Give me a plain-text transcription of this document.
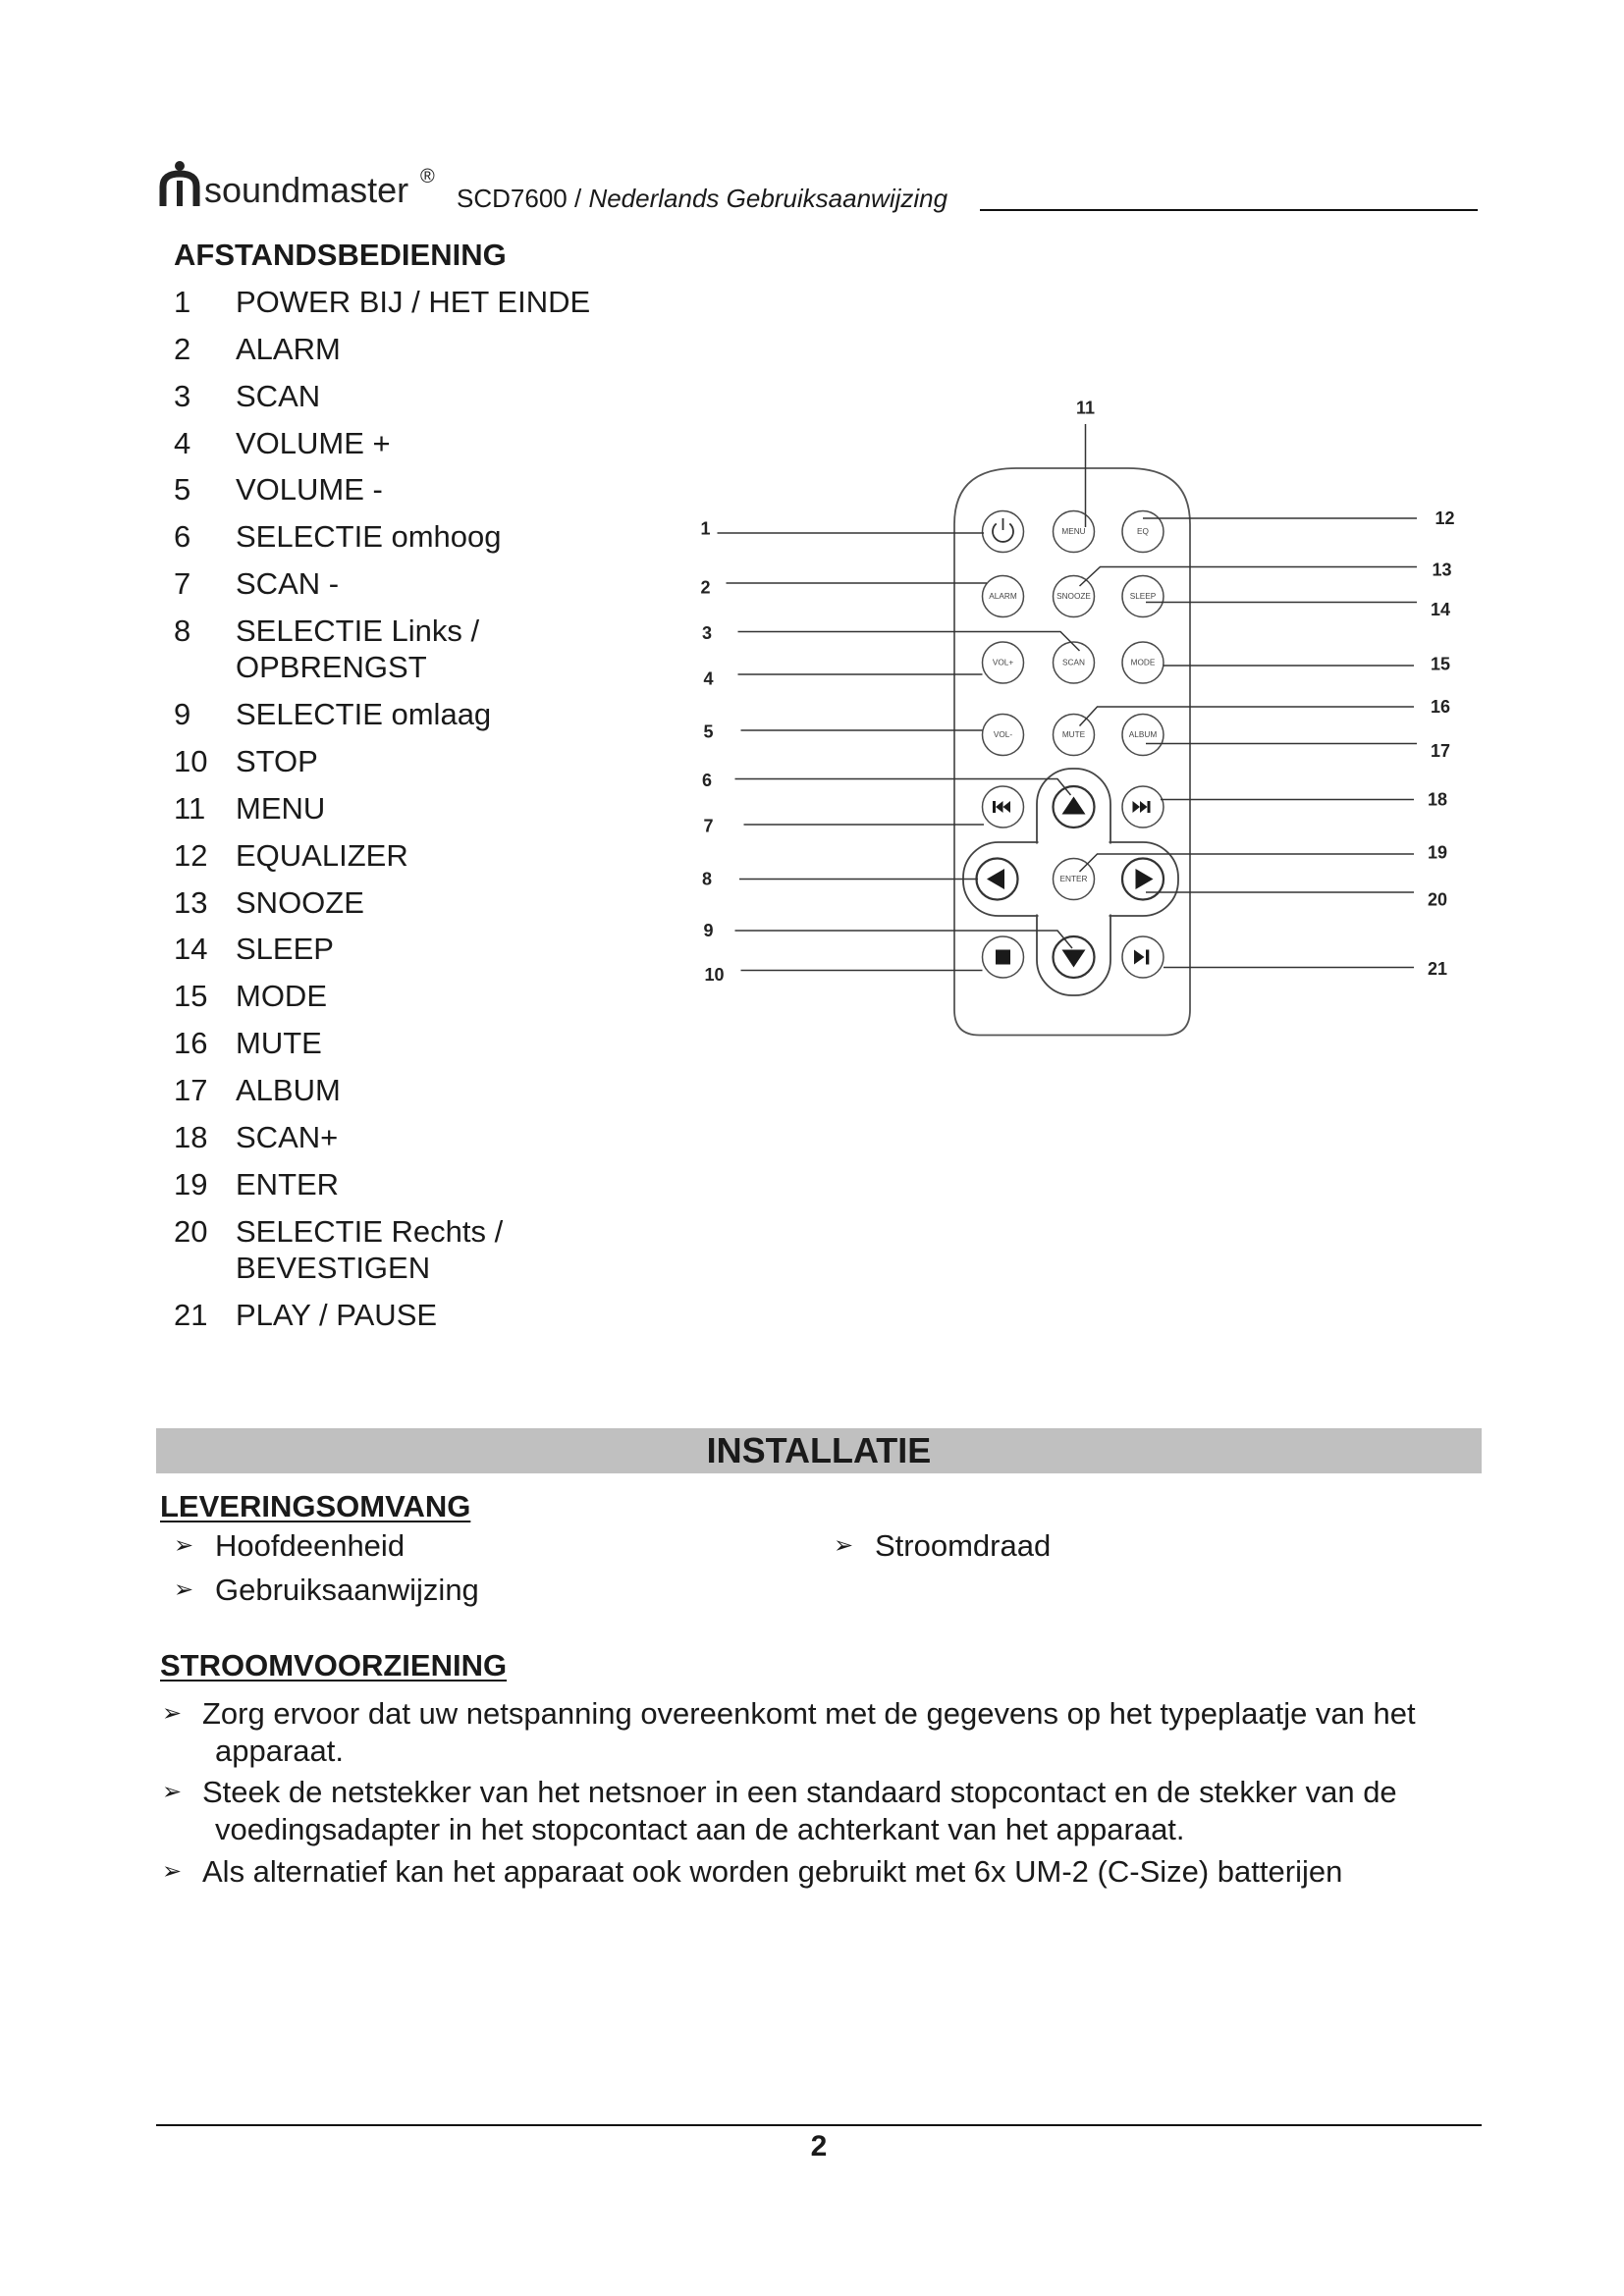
soundmaster ®
SCD7600 / Nederlands Gebruiksaanwijzing
AFSTANDSBEDIENING
1	POWER BIJ / HET EINDE
2	ALARM
3	SCAN
4	VOLUME +
5	VOLUME -
6	SELECTIE omhoog
7	SCAN -
8	SELECTIE Links /
OPBRENGST
9	SELECTIE omlaag
10 STOP
11 MENU
12 EQUALIZER
13 SNOOZE
14 SLEEP
15 MODE
16 MUTE
17 ALBUM
18 SCAN+
19 ENTER
20 SELECTIE Rechts /
BEVESTIGEN
21 PLAY / PAUSE
MENU	EQ
ALARM	SNOOZE	SLEEP
VOL+	SCAN	MODE
VOL-	MUTE	ALBUM
ENTER
1
2
3
4
5
6
7
8
9
10
11
12
13
14
15
16
17
18
19
20
21
INSTALLATIE
LEVERINGSOMVANG
➢ Hoofdeenheid
➢ Gebruiksaanwijzing
➢ Stroomdraad
STROOMVOORZIENING
➢ Zorg ervoor dat uw netspanning overeenkomt met de gegevens op het typeplaatje van het
apparaat.
➢ Steek de netstekker van het netsnoer in een standaard stopcontact en de stekker van de
voedingsadapter in het stopcontact aan de achterkant van het apparaat.
➢ Als alternatief kan het apparaat ook worden gebruikt met 6x UM-2 (C-Size) batterijen
2
